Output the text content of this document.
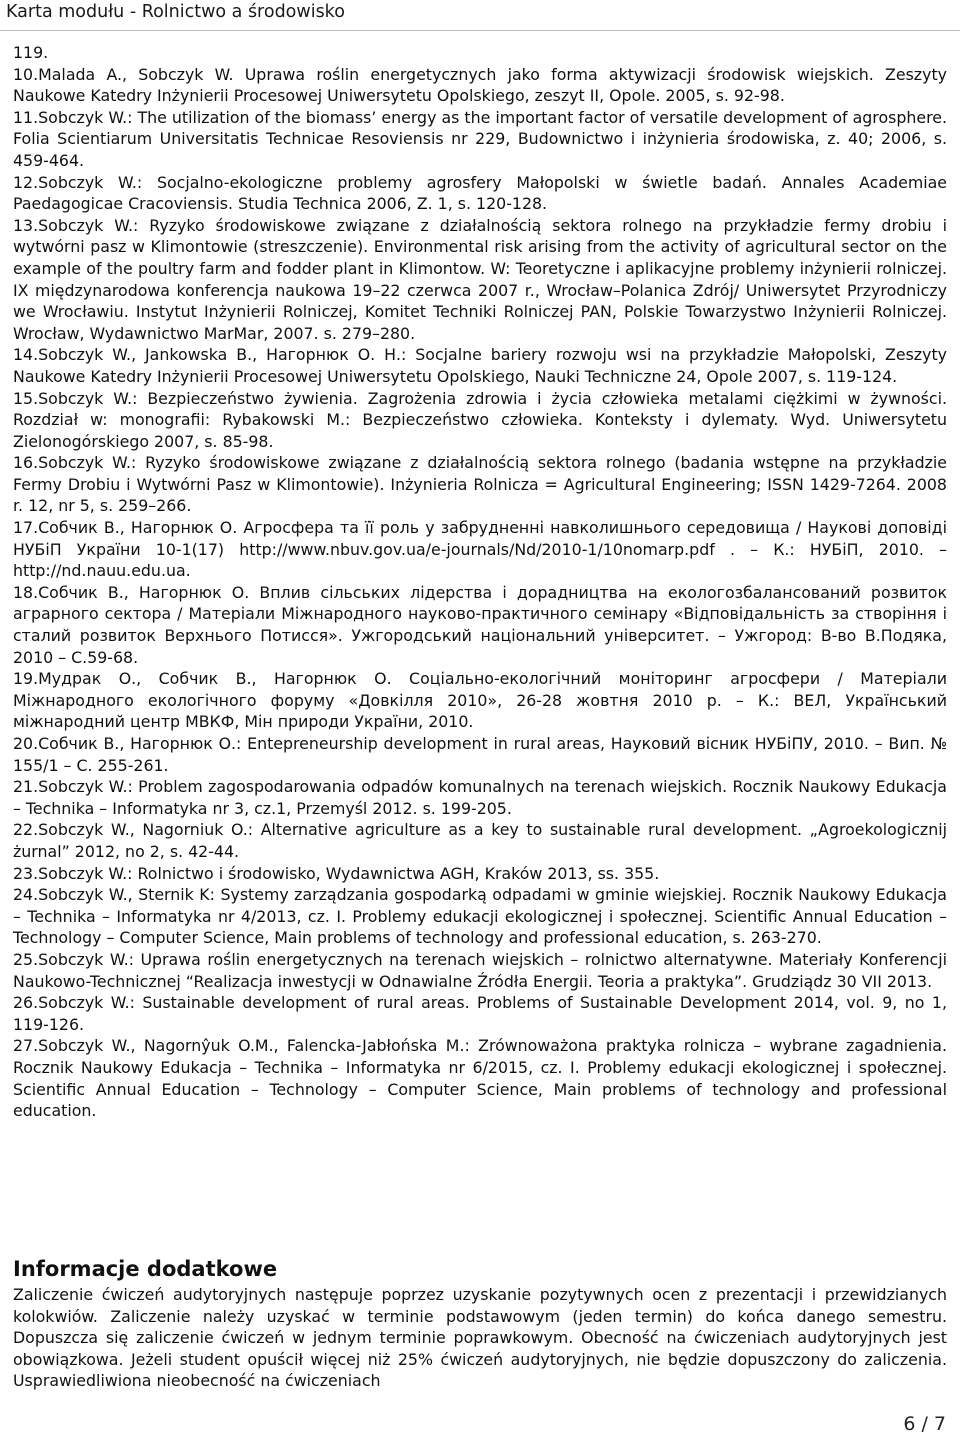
Karta modułu - Rolnictwo a środowisko

119.

10.Malada A., Sobczyk W. Uprawa roślin energetycznych jako forma aktywizacji środowisk wiejskich. Zeszyty Naukowe Katedry Inżynierii Procesowej Uniwersytetu Opolskiego, zeszyt II, Opole. 2005, s. 92-98.

11.Sobczyk W.: The utilization of the biomass’ energy as the important factor of versatile development of agrosphere. Folia Scientiarum Universitatis Technicae Resoviensis nr 229, Budownictwo i inżynieria środowiska, z. 40; 2006, s. 459-464.

12.Sobczyk W.: Socjalno-ekologiczne problemy agrosfery Małopolski w świetle badań. Annales Academiae Paedagogicae Cracoviensis. Studia Technica 2006, Z. 1, s. 120-128.

13.Sobczyk W.: Ryzyko środowiskowe związane z działalnością sektora rolnego na przykładzie fermy drobiu i wytwórni pasz w Klimontowie (streszczenie). Environmental risk arising from the activity of agricultural sector on the example of the poultry farm and fodder plant in Klimontow. W: Teoretyczne i aplikacyjne problemy inżynierii rolniczej. IX międzynarodowa konferencja naukowa 19–22 czerwca 2007 r., Wrocław–Polanica Zdrój/ Uniwersytet Przyrodniczy we Wrocławiu. Instytut Inżynierii Rolniczej, Komitet Techniki Rolniczej PAN, Polskie Towarzystwo Inżynierii Rolniczej. Wrocław, Wydawnictwo MarMar, 2007. s. 279–280.

14.Sobczyk W., Jankowska B., Нагорнюк О. Н.: Socjalne bariery rozwoju wsi na przykładzie Małopolski, Zeszyty Naukowe Katedry Inżynierii Procesowej Uniwersytetu Opolskiego, Nauki Techniczne 24, Opole 2007, s. 119-124.

15.Sobczyk W.: Bezpieczeństwo żywienia. Zagrożenia zdrowia i życia człowieka metalami ciężkimi w żywności. Rozdział w: monografii: Rybakowski M.: Bezpieczeństwo człowieka. Konteksty i dylematy. Wyd. Uniwersytetu Zielonogórskiego 2007, s. 85-98.

16.Sobczyk W.: Ryzyko środowiskowe związane z działalnością sektora rolnego (badania wstępne na przykładzie Fermy Drobiu i Wytwórni Pasz w Klimontowie). Inżynieria Rolnicza = Agricultural Engineering; ISSN 1429-7264. 2008 r. 12, nr 5, s. 259–266.

17.Собчик В., Нагорнюк О. Агросфера та її роль у забрудненні навколишнього середовища / Наукові доповіді НУБіП України 10-1(17) http://www.nbuv.gov.ua/e-journals/Nd/2010-1/10nomarp.pdf . – К.: НУБіП, 2010. – http://nd.nauu.edu.ua.

18.Собчик В., Нагорнюк О. Вплив сільських лідерства і дорадництва на екологозбалансований розвиток аграрного сектора / Матеріали Міжнародного науково-практичного семінару «Відповідальність за створіння і сталий розвиток Верхнього Потисся». Ужгородський національний університет. – Ужгород: В-во В.Подяка, 2010 – С.59-68.

19.Мудрак О., Собчик В., Нагорнюк О. Соціально-екологічний моніторинг агросфери / Матеріали Міжнародного екологічного форуму «Довкілля 2010», 26-28 жовтня 2010 р. – К.: ВЕЛ, Український міжнародний центр МВКФ, Мін природи України, 2010.

20.Собчик В., Нагорнюк О.: Entepreneurship development in rural areas, Науковий вісник НУБіПУ, 2010. – Вип. № 155/1 – С. 255-261.

21.Sobczyk W.: Problem zagospodarowania odpadów komunalnych na terenach wiejskich. Rocznik Naukowy Edukacja – Technika – Informatyka nr 3, cz.1, Przemyśl 2012. s. 199-205.

22.Sobczyk W., Nagorniuk O.: Alternative agriculture as a key to sustainable rural development. „Agroekologicznij żurnal” 2012, no 2, s. 42-44.

23.Sobczyk W.: Rolnictwo i środowisko, Wydawnictwa AGH, Kraków 2013, ss. 355.

24.Sobczyk W., Sternik K: Systemy zarządzania gospodarką odpadami w gminie wiejskiej. Rocznik Naukowy Edukacja – Technika – Informatyka nr 4/2013, cz. I. Problemy edukacji ekologicznej i społecznej. Scientific Annual Education – Technology – Computer Science, Main problems of technology and professional education, s. 263-270.

25.Sobczyk W.: Uprawa roślin energetycznych na terenach wiejskich – rolnictwo alternatywne. Materiały Konferencji Naukowo-Technicznej “Realizacja inwestycji w Odnawialne Źródła Energii. Teoria a praktyka”. Grudziądz 30 VII 2013.

26.Sobczyk W.: Sustainable development of rural areas. Problems of Sustainable Development 2014, vol. 9, no 1, 119-126.

27.Sobczyk W., Nagornŷuk O.M., Falencka-Jabłońska M.: Zrównoważona praktyka rolnicza – wybrane zagadnienia. Rocznik Naukowy Edukacja – Technika – Informatyka nr 6/2015, cz. I. Problemy edukacji ekologicznej i społecznej. Scientific Annual Education – Technology – Computer Science, Main problems of technology and professional education.

Informacje dodatkowe

Zaliczenie ćwiczeń audytoryjnych następuje poprzez uzyskanie pozytywnych ocen z prezentacji i przewidzianych kolokwiów. Zaliczenie należy uzyskać w terminie podstawowym (jeden termin) do końca danego semestru. Dopuszcza się zaliczenie ćwiczeń w jednym terminie poprawkowym. Obecność na ćwiczeniach audytoryjnych jest obowiązkowa. Jeżeli student opuścił więcej niż 25% ćwiczeń audytoryjnych, nie będzie dopuszczony do zaliczenia. Usprawiedliwiona nieobecność na ćwiczeniach

6 / 7
